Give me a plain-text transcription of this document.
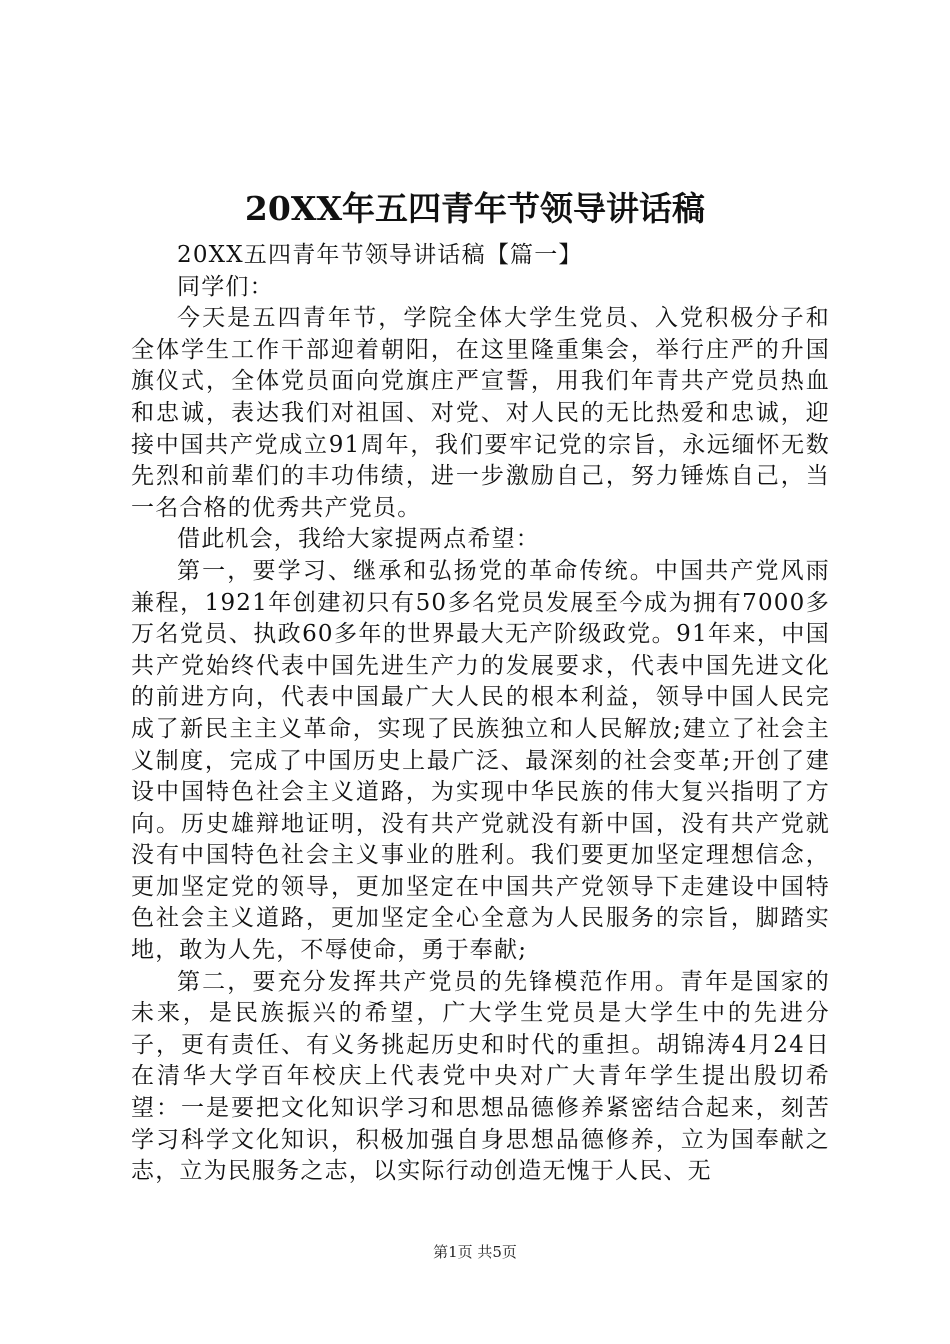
20XX年五四青年节领导讲话稿

20XX五四青年节领导讲话稿【篇一】

同学们：

今天是五四青年节，学院全体大学生党员、入党积极分子和全体学生工作干部迎着朝阳，在这里隆重集会，举行庄严的升国旗仪式，全体党员面向党旗庄严宣誓，用我们年青共产党员热血和忠诚，表达我们对祖国、对党、对人民的无比热爱和忠诚，迎接中国共产党成立91周年，我们要牢记党的宗旨，永远缅怀无数先烈和前辈们的丰功伟绩，进一步激励自己，努力锤炼自己，当一名合格的优秀共产党员。

借此机会，我给大家提两点希望：

第一，要学习、继承和弘扬党的革命传统。中国共产党风雨兼程，1921年创建初只有50多名党员发展至今成为拥有7000多万名党员、执政60多年的世界最大无产阶级政党。91年来，中国共产党始终代表中国先进生产力的发展要求，代表中国先进文化的前进方向，代表中国最广大人民的根本利益，领导中国人民完成了新民主主义革命，实现了民族独立和人民解放;建立了社会主义制度，完成了中国历史上最广泛、最深刻的社会变革;开创了建设中国特色社会主义道路，为实现中华民族的伟大复兴指明了方向。历史雄辩地证明，没有共产党就没有新中国，没有共产党就没有中国特色社会主义事业的胜利。我们要更加坚定理想信念，更加坚定党的领导，更加坚定在中国共产党领导下走建设中国特色社会主义道路，更加坚定全心全意为人民服务的宗旨，脚踏实地，敢为人先，不辱使命，勇于奉献;

第二，要充分发挥共产党员的先锋模范作用。青年是国家的未来，是民族振兴的希望，广大学生党员是大学生中的先进分子，更有责任、有义务挑起历史和时代的重担。胡锦涛4月24日在清华大学百年校庆上代表党中央对广大青年学生提出殷切希望：一是要把文化知识学习和思想品德修养紧密结合起来，刻苦学习科学文化知识，积极加强自身思想品德修养，立为国奉献之志，立为民服务之志，以实际行动创造无愧于人民、无

第1页 共5页
